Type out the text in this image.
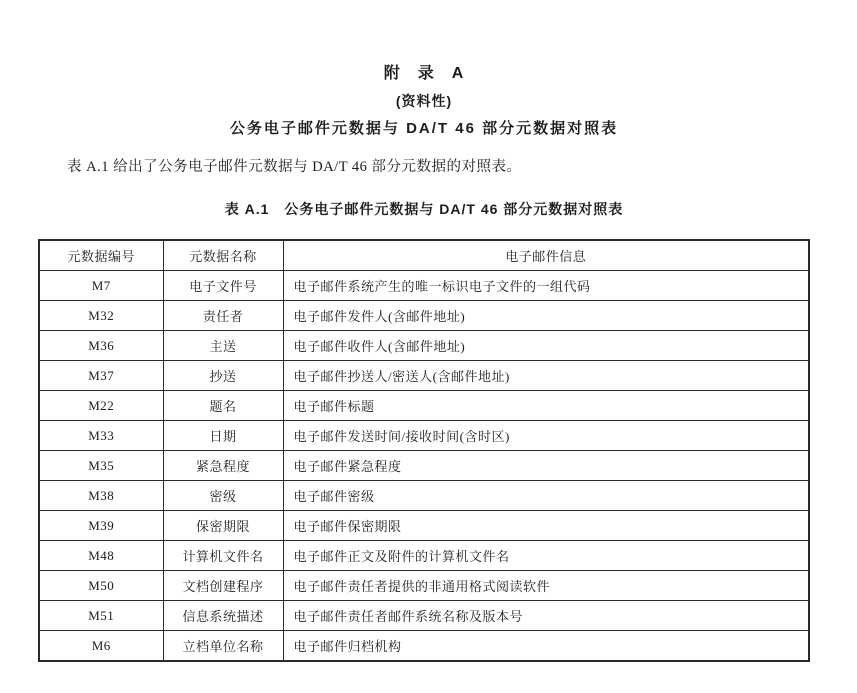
附　录　A
(资料性)
公务电子邮件元数据与 DA/T 46 部分元数据对照表

表 A.1 给出了公务电子邮件元数据与 DA/T 46 部分元数据的对照表。

表 A.1　公务电子邮件元数据与 DA/T 46 部分元数据对照表
元数据编号	元数据名称	电子邮件信息
M7	电子文件号	电子邮件系统产生的唯一标识电子文件的一组代码
M32	责任者	电子邮件发件人(含邮件地址)
M36	主送	电子邮件收件人(含邮件地址)
M37	抄送	电子邮件抄送人/密送人(含邮件地址)
M22	题名	电子邮件标题
M33	日期	电子邮件发送时间/接收时间(含时区)
M35	紧急程度	电子邮件紧急程度
M38	密级	电子邮件密级
M39	保密期限	电子邮件保密期限
M48	计算机文件名	电子邮件正文及附件的计算机文件名
M50	文档创建程序	电子邮件责任者提供的非通用格式阅读软件
M51	信息系统描述	电子邮件责任者邮件系统名称及版本号
M6	立档单位名称	电子邮件归档机构
